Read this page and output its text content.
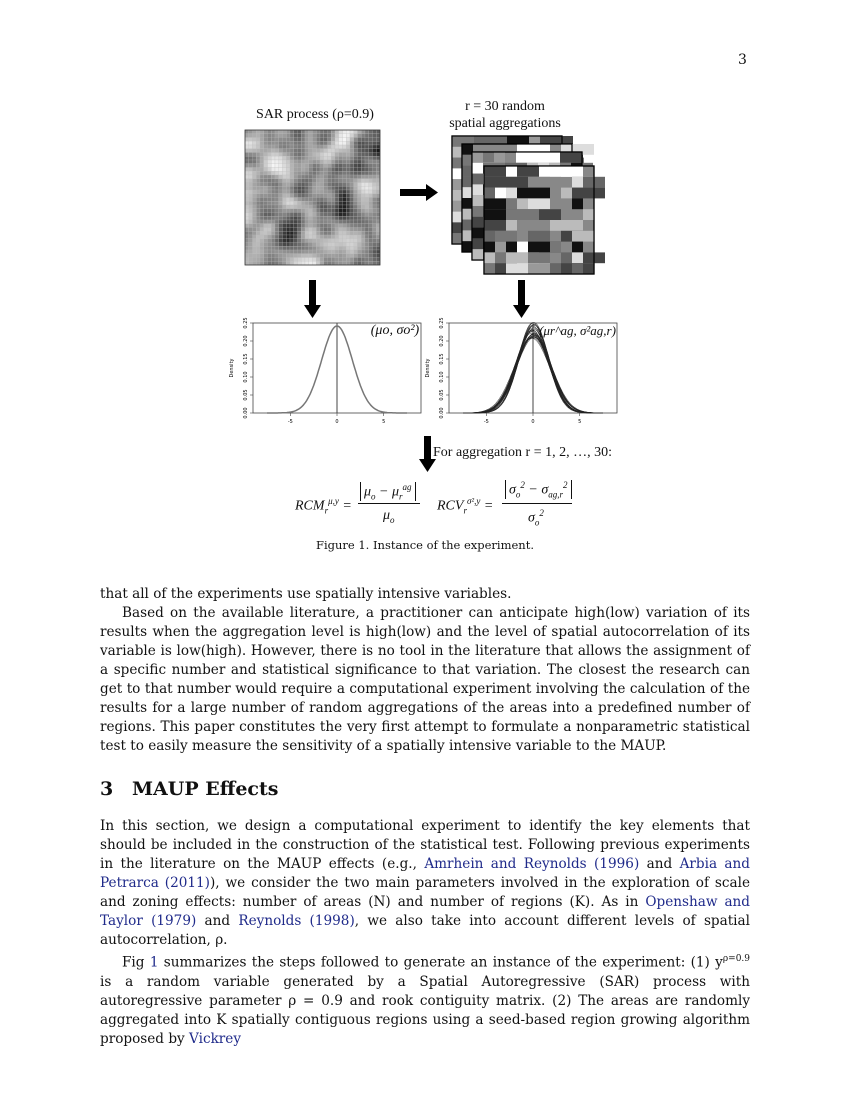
3
SAR process (ρ=0.9)
r = 30 random
spatial aggregations
0.00
0.05
0.10
0.15
0.20
0.25
-5	0	5
Density
0.00
0.05
0.10
0.15
0.20
0.25
-5	0	5
Density
(μo, σo²)	(μr^ag, σ²ag,r)
For aggregation r = 1, 2, …, 30:
$RCM_r^{\mu,y}$ =
$\mu_o - \mu_r^{ag}$
$\mu_o$
$RCV_r^{\sigma^2,y}$ =
$\sigma_o^2 - \sigma_{ag,r}^2$
$\sigma_o^2$
Figure 1. Instance of the experiment.

that all of the experiments use spatially intensive variables.

Based on the available literature, a practitioner can anticipate high(low) variation of its results when the aggregation level is high(low) and the level of spatial autocorrelation of its variable is low(high). However, there is no tool in the literature that allows the assignment of a specific number and statistical significance to that variation. The closest the research can get to that number would require a computational experiment involving the calculation of the results for a large number of random aggregations of the areas into a predefined number of regions. This paper constitutes the very first attempt to formulate a nonparametric statistical test to easily measure the sensitivity of a spatially intensive variable to the MAUP.

3 MAUP Effects

In this section, we design a computational experiment to identify the key elements that should be included in the construction of the statistical test. Following previous experiments in the literature on the MAUP effects (e.g., Amrhein and Reynolds (1996) and Arbia and Petrarca (2011)), we consider the two main parameters involved in the exploration of scale and zoning effects: number of areas (N) and number of regions (K). As in Openshaw and Taylor (1979) and Reynolds (1998), we also take into account different levels of spatial autocorrelation, ρ.

Fig 1 summarizes the steps followed to generate an instance of the experiment: (1) $y^{\rho=0.9}$ is a random variable generated by a Spatial Autoregressive (SAR) process with autoregressive parameter ρ = 0.9 and rook contiguity matrix. (2) The areas are randomly aggregated into K spatially contiguous regions using a seed-based region growing algorithm proposed by Vickrey
